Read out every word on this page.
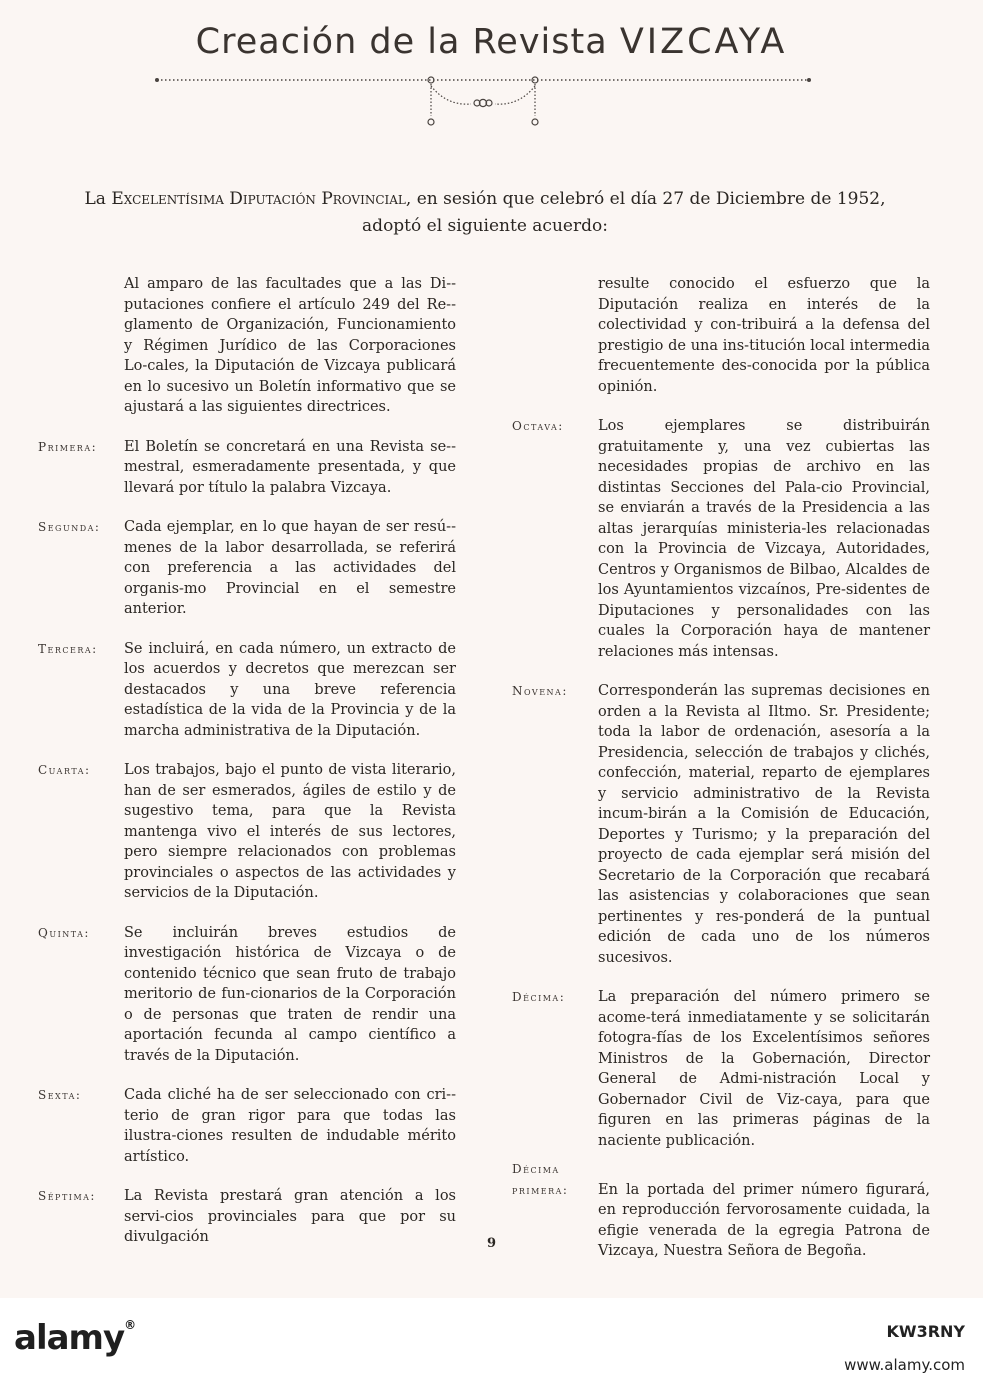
Creación de la Revista VIZCAYA

La Excelentísima Diputación Provincial, en sesión que celebró el día 27 de Diciembre de 1952,
adoptó el siguiente acuerdo:

Al amparo de las facultades que a las Di-putaciones confiere el artículo 249 del Re-glamento de Organización, Funcionamiento y Régimen Jurídico de las Corporaciones Lo-cales, la Diputación de Vizcaya publicará en lo sucesivo un Boletín informativo que se ajustará a las siguientes directrices.

Primera: El Boletín se concretará en una Revista se-mestral, esmeradamente presentada, y que llevará por título la palabra Vizcaya.

Segunda: Cada ejemplar, en lo que hayan de ser resú-menes de la labor desarrollada, se referirá con preferencia a las actividades del organis-mo Provincial en el semestre anterior.

Tercera: Se incluirá, en cada número, un extracto de los acuerdos y decretos que merezcan ser destacados y una breve referencia estadística de la vida de la Provincia y de la marcha administrativa de la Diputación.

Cuarta: Los trabajos, bajo el punto de vista literario, han de ser esmerados, ágiles de estilo y de sugestivo tema, para que la Revista mantenga vivo el interés de sus lectores, pero siempre relacionados con problemas provinciales o aspectos de las actividades y servicios de la Diputación.

Quinta: Se incluirán breves estudios de investigación histórica de Vizcaya o de contenido técnico que sean fruto de trabajo meritorio de fun-cionarios de la Corporación o de personas que traten de rendir una aportación fecunda al campo científico a través de la Diputación.

Sexta:	Cada cliché ha de ser seleccionado con cri-terio de gran rigor para que todas las ilustra-ciones resulten de indudable mérito artístico.

Séptima: La Revista prestará gran atención a los servi-cios provinciales para que por su divulgación

resulte conocido el esfuerzo que la Diputación realiza en interés de la colectividad y con-tribuirá a la defensa del prestigio de una ins-titución local intermedia frecuentemente des-conocida por la pública opinión.

Octava: Los ejemplares se distribuirán gratuitamente y, una vez cubiertas las necesidades propias de archivo en las distintas Secciones del Pala-cio Provincial, se enviarán a través de la Presidencia a las altas jerarquías ministeria-les relacionadas con la Provincia de Vizcaya, Autoridades, Centros y Organismos de Bilbao, Alcaldes de los Ayuntamientos vizcaínos, Pre-sidentes de Diputaciones y personalidades con las cuales la Corporación haya de mantener relaciones más intensas.

Novena: Corresponderán las supremas decisiones en orden a la Revista al Iltmo. Sr. Presidente; toda la labor de ordenación, asesoría a la Presidencia, selección de trabajos y clichés, confección, material, reparto de ejemplares y servicio administrativo de la Revista incum-birán a la Comisión de Educación, Deportes y Turismo; y la preparación del proyecto de cada ejemplar será misión del Secretario de la Corporación que recabará las asistencias y colaboraciones que sean pertinentes y res-ponderá de la puntual edición de cada uno de los números sucesivos.

Décima: La preparación del número primero se acome-terá inmediatamente y se solicitarán fotogra-fías de los Excelentísimos señores Ministros de la Gobernación, Director General de Admi-nistración Local y Gobernador Civil de Viz-caya, para que figuren en las primeras páginas de la naciente publicación.

Décima
primera: En la portada del primer número figurará, en reproducción fervorosamente cuidada, la efigie venerada de la egregia Patrona de Vizcaya, Nuestra Señora de Begoña.

9

alamy®	KW3RNY
www.alamy.com
